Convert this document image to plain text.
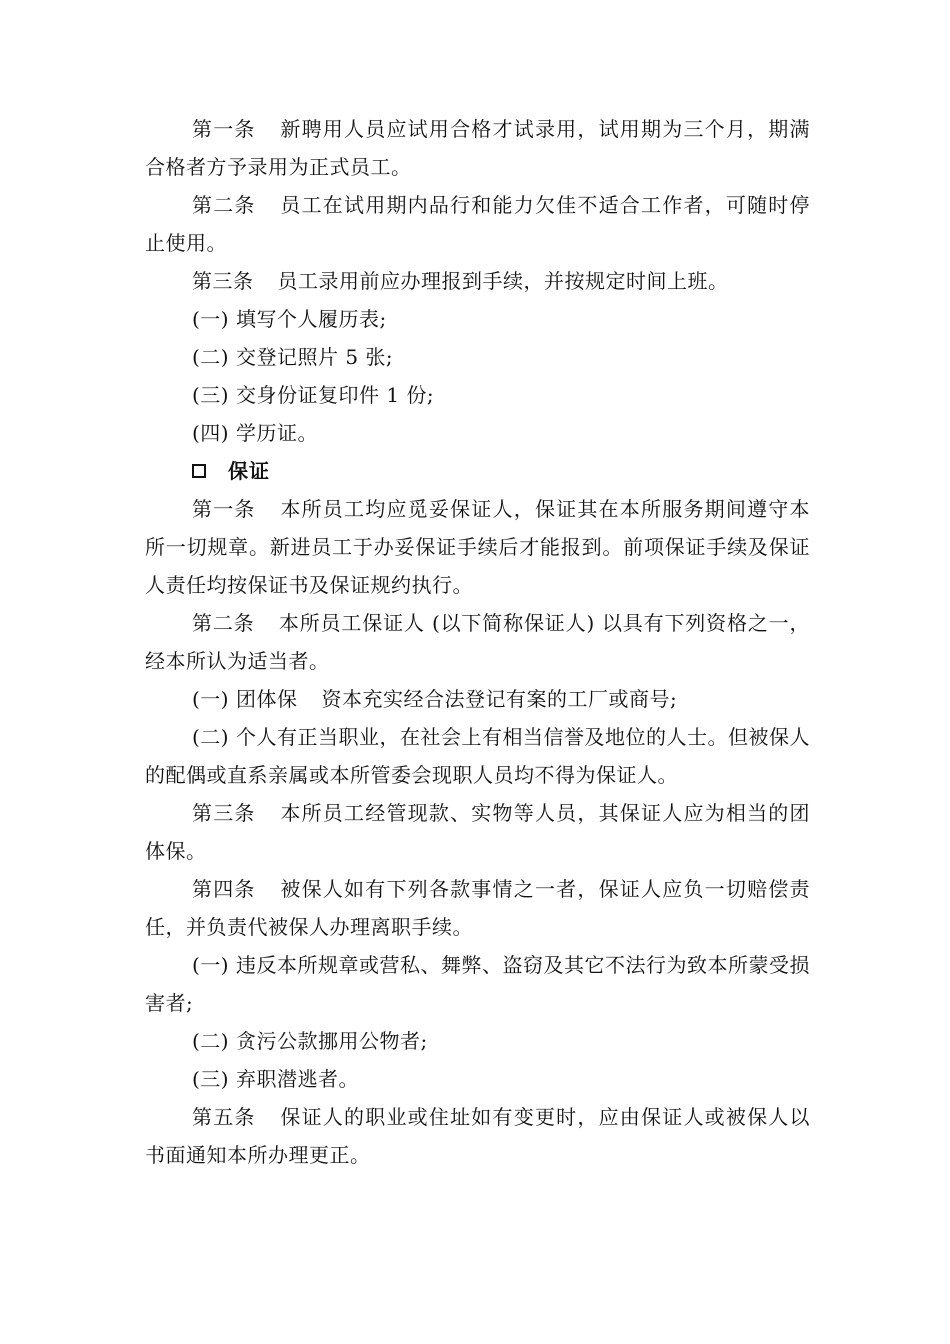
第一条 新聘用人员应试用合格才试录用，试用期为三个月，期满合格者方予录用为正式员工。

第二条 员工在试用期内品行和能力欠佳不适合工作者，可随时停止使用。

第三条 员工录用前应办理报到手续，并按规定时间上班。

(一) 填写个人履历表;

(二) 交登记照片 5 张;

(三) 交身份证复印件 1 份;

(四) 学历证。

保证

第一条 本所员工均应觅妥保证人，保证其在本所服务期间遵守本所一切规章。新进员工于办妥保证手续后才能报到。前项保证手续及保证人责任均按保证书及保证规约执行。

第二条 本所员工保证人 (以下简称保证人) 以具有下列资格之一，经本所认为适当者。

(一) 团体保 资本充实经合法登记有案的工厂或商号;

(二) 个人有正当职业，在社会上有相当信誉及地位的人士。但被保人的配偶或直系亲属或本所管委会现职人员均不得为保证人。

第三条 本所员工经管现款、实物等人员，其保证人应为相当的团体保。

第四条 被保人如有下列各款事情之一者，保证人应负一切赔偿责任，并负责代被保人办理离职手续。

(一) 违反本所规章或营私、舞弊、盗窃及其它不法行为致本所蒙受损害者;

(二) 贪污公款挪用公物者;

(三) 弃职潜逃者。

第五条 保证人的职业或住址如有变更时，应由保证人或被保人以书面通知本所办理更正。
